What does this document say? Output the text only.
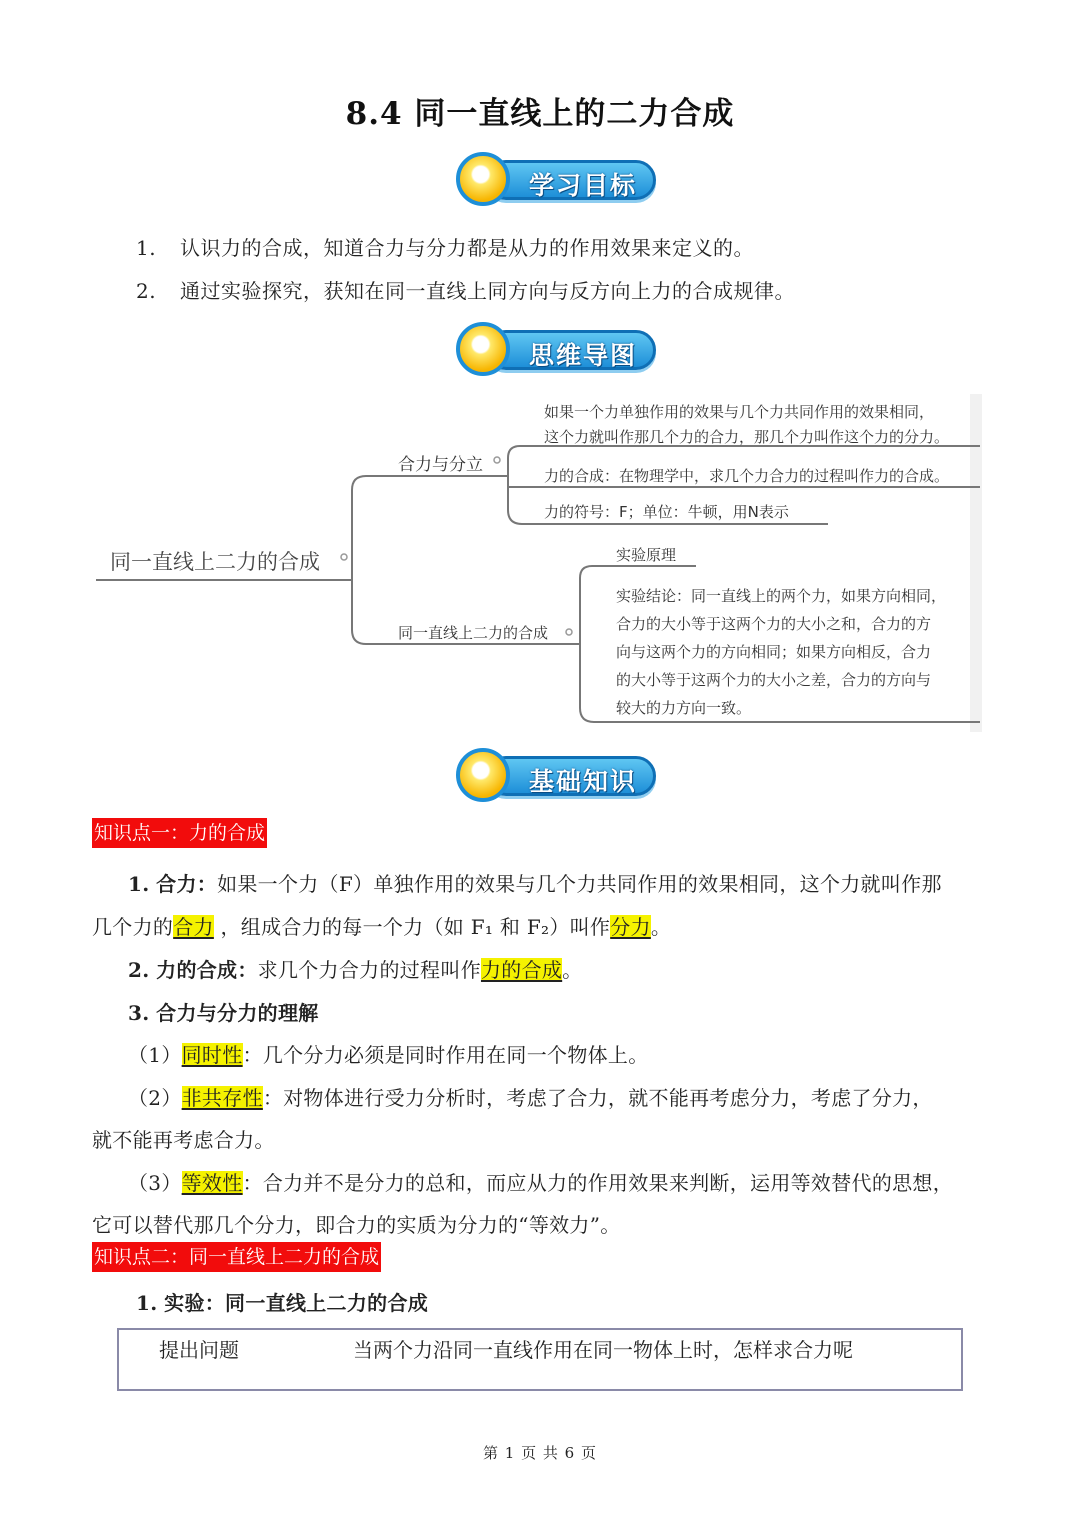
8.4 同一直线上的二力合成
学习目标
1. 认识力的合成，知道合力与分力都是从力的作用效果来定义的。
2. 通过实验探究，获知在同一直线上同方向与反方向上力的合成规律。
思维导图
同一直线上二力的合成
合力与分立
如果一个力单独作用的效果与几个力共同作用的效果相同，
这个力就叫作那几个力的合力，那几个力叫作这个力的分力。
力的合成：在物理学中，求几个力合力的过程叫作力的合成。
力的符号：F；单位：牛顿，用N表示
同一直线上二力的合成
实验原理
实验结论：同一直线上的两个力，如果方向相同，
合力的大小等于这两个力的大小之和，合力的方
向与这两个力的方向相同；如果方向相反，合力
的大小等于这两个力的大小之差，合力的方向与
较大的力方向一致。
基础知识
知识点一：力的合成
1. 合力：如果一个力（F）单独作用的效果与几个力共同作用的效果相同，这个力就叫作那
几个力的合力 ，组成合力的每一个力（如 F₁ 和 F₂）叫作分力。
2. 力的合成：求几个力合力的过程叫作力的合成。
3. 合力与分力的理解
（1）同时性：几个分力必须是同时作用在同一个物体上。
（2）非共存性：对物体进行受力分析时，考虑了合力，就不能再考虑分力，考虑了分力，
就不能再考虑合力。
（3）等效性：合力并不是分力的总和，而应从力的作用效果来判断，运用等效替代的思想，
它可以替代那几个分力，即合力的实质为分力的“等效力”。
知识点二：同一直线上二力的合成
1. 实验：同一直线上二力的合成
提出问题	当两个力沿同一直线作用在同一物体上时，怎样求合力呢
第 1 页 共 6 页
